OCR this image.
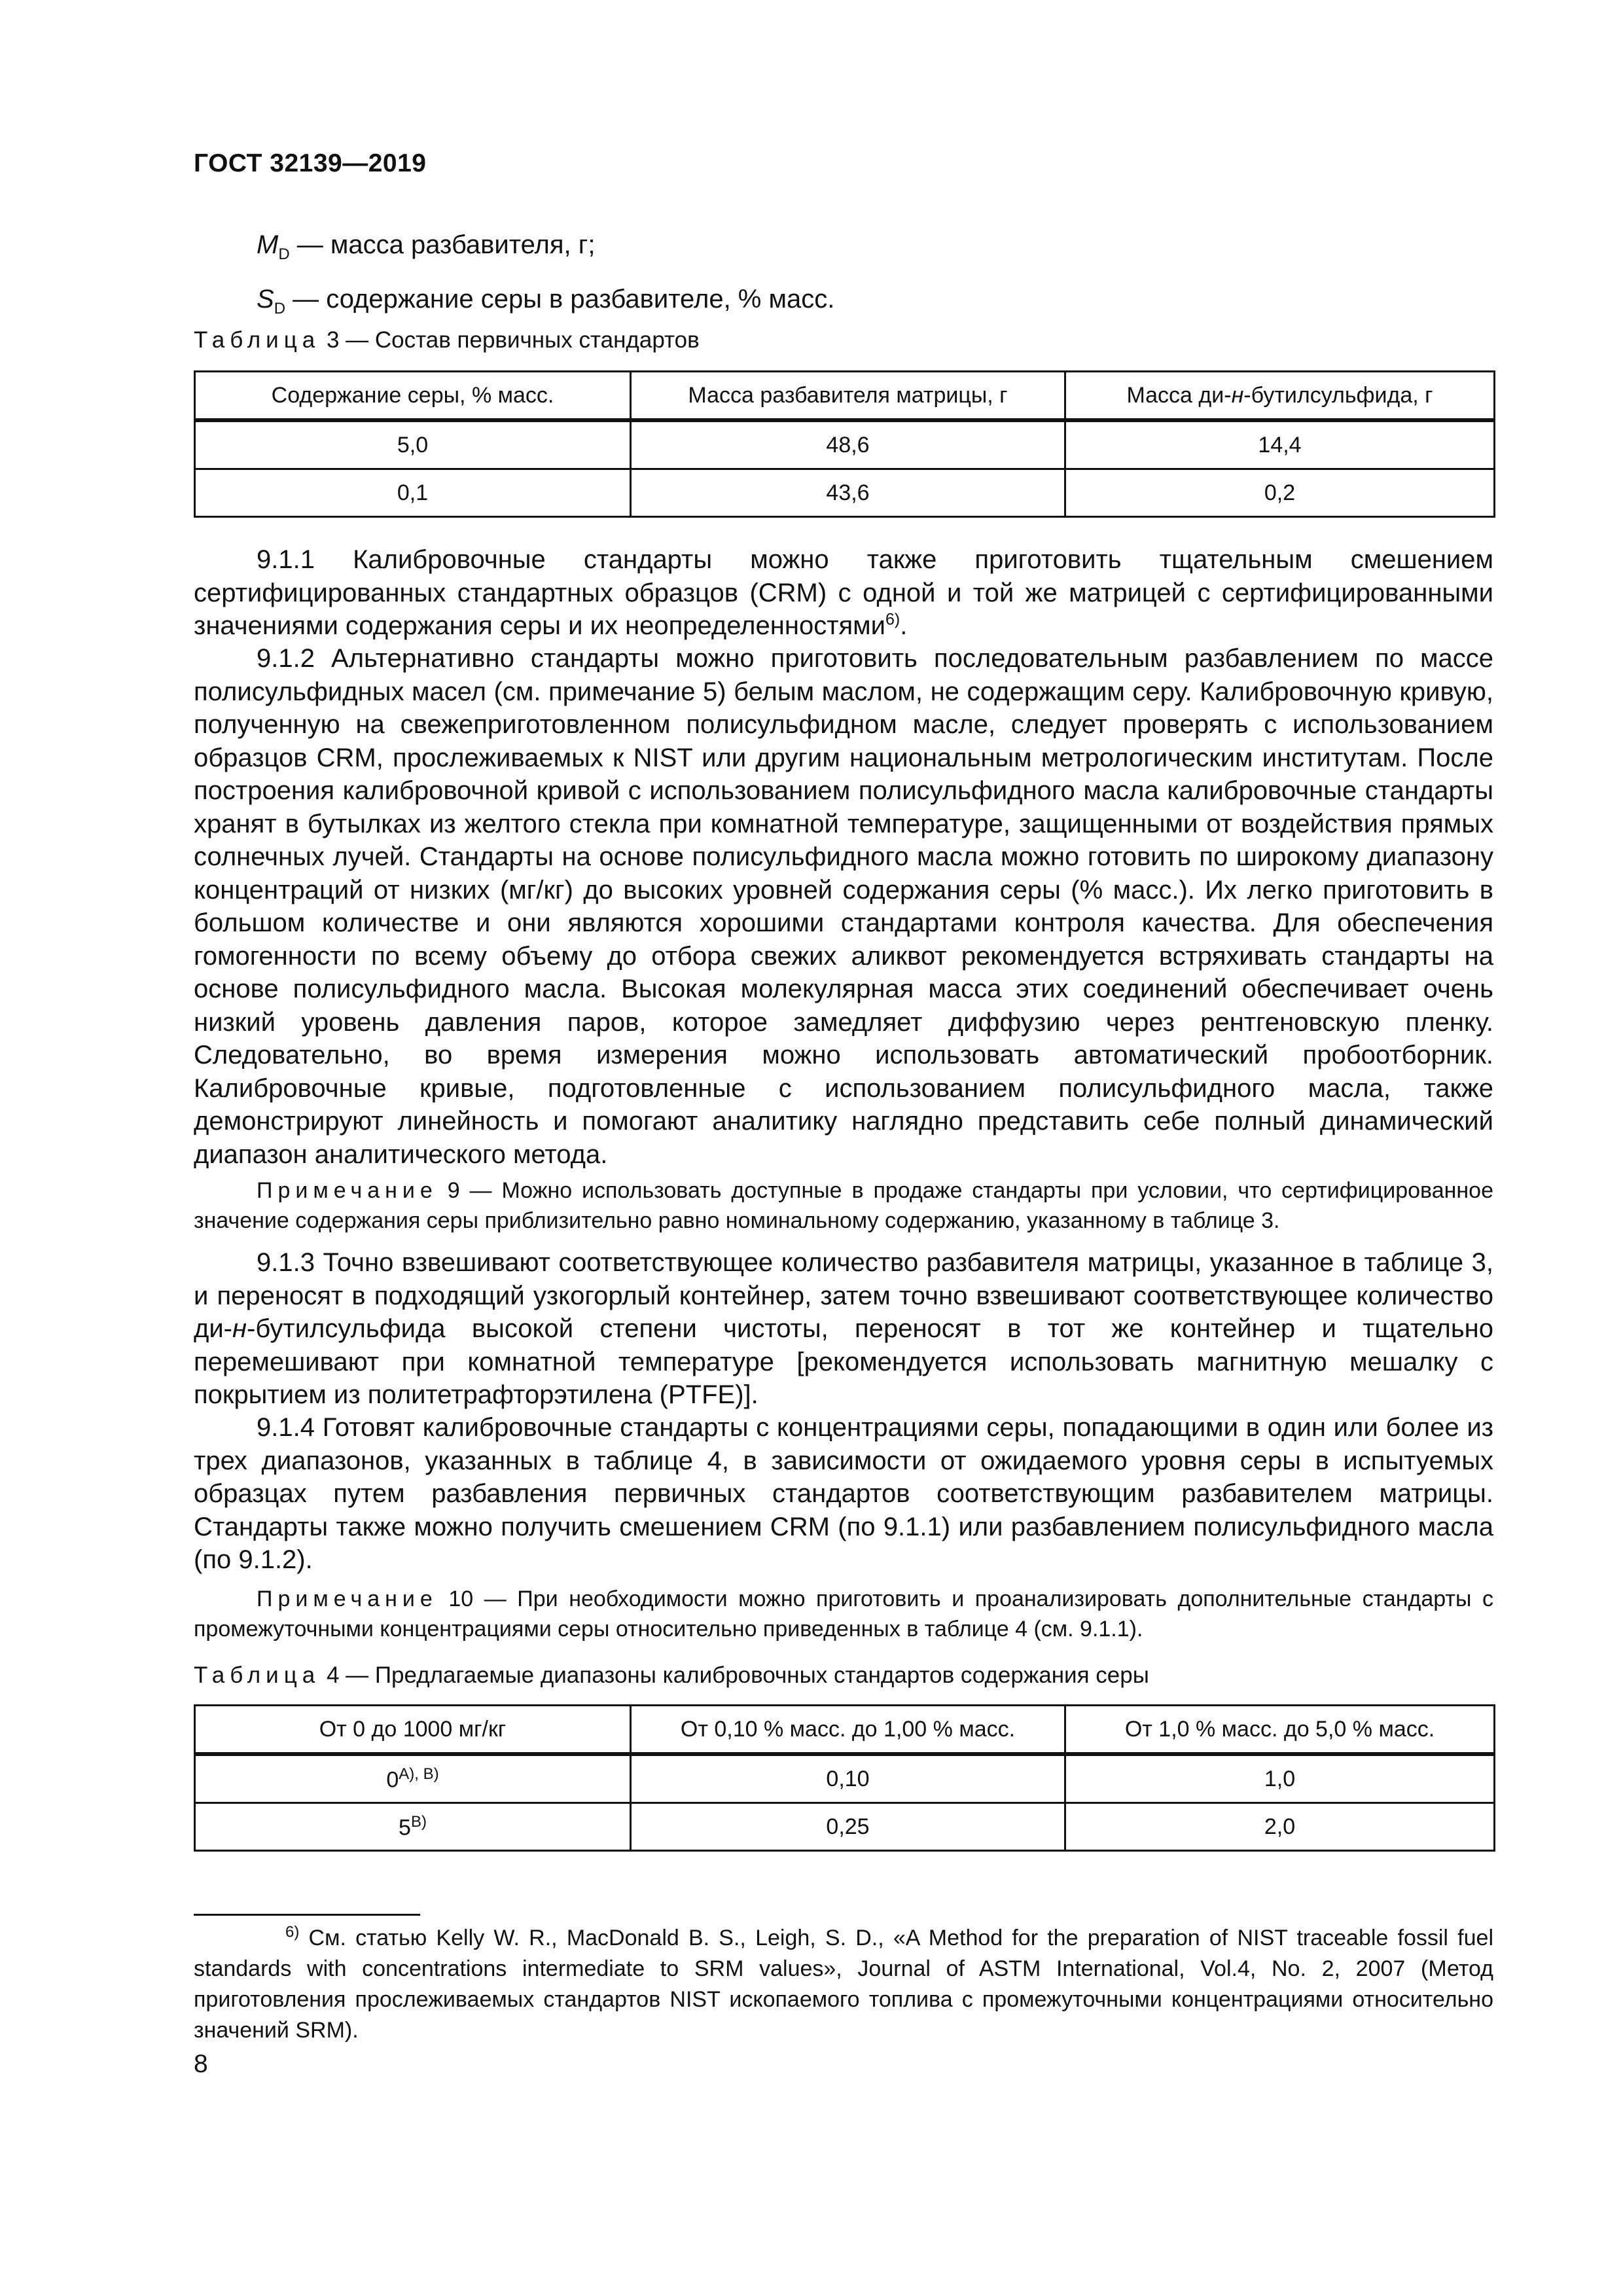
ГОСТ 32139—2019
$M_D$ — масса разбавителя, г;
$S_D$ — содержание серы в разбавителе, % масс.
Таблица 3 — Состав первичных стандартов
Содержание серы, % масс.	Масса разбавителя матрицы, г	Масса ди-н-бутилсульфида, г
5,0	48,6	14,4
0,1	43,6	0,2
9.1.1 Калибровочные стандарты можно также приготовить тщательным смешением сертифицированных стандартных образцов (CRM) с одной и той же матрицей с сертифицированными значениями содержания серы и их неопределенностями$^{6)}$.
9.1.2 Альтернативно стандарты можно приготовить последовательным разбавлением по массе полисульфидных масел (см. примечание 5) белым маслом, не содержащим серу. Калибровочную кривую, полученную на свежеприготовленном полисульфидном масле, следует проверять с использованием образцов CRM, прослеживаемых к NIST или другим национальным метрологическим институтам. После построения калибровочной кривой с использованием полисульфидного масла калибровочные стандарты хранят в бутылках из желтого стекла при комнатной температуре, защищенными от воздействия прямых солнечных лучей. Стандарты на основе полисульфидного масла можно готовить по широкому диапазону концентраций от низких (мг/кг) до высоких уровней содержания серы (% масс.). Их легко приготовить в большом количестве и они являются хорошими стандартами контроля качества. Для обеспечения гомогенности по всему объему до отбора свежих аликвот рекомендуется встряхивать стандарты на основе полисульфидного масла. Высокая молекулярная масса этих соединений обеспечивает очень низкий уровень давления паров, которое замедляет диффузию через рентгеновскую пленку. Следовательно, во время измерения можно использовать автоматический пробоотборник. Калибровочные кривые, подготовленные с использованием полисульфидного масла, также демонстрируют линейность и помогают аналитику наглядно представить себе полный динамический диапазон аналитического метода.
Примечание 9 — Можно использовать доступные в продаже стандарты при условии, что сертифицированное значение содержания серы приблизительно равно номинальному содержанию, указанному в таблице 3.
9.1.3 Точно взвешивают соответствующее количество разбавителя матрицы, указанное в таблице 3, и переносят в подходящий узкогорлый контейнер, затем точно взвешивают соответствующее количество ди-н-бутилсульфида высокой степени чистоты, переносят в тот же контейнер и тщательно перемешивают при комнатной температуре [рекомендуется использовать магнитную мешалку с покрытием из политетрафторэтилена (PTFE)].
9.1.4 Готовят калибровочные стандарты с концентрациями серы, попадающими в один или более из трех диапазонов, указанных в таблице 4, в зависимости от ожидаемого уровня серы в испытуемых образцах путем разбавления первичных стандартов соответствующим разбавителем матрицы. Стандарты также можно получить смешением CRM (по 9.1.1) или разбавлением полисульфидного масла (по 9.1.2).
Примечание 10 — При необходимости можно приготовить и проанализировать дополнительные стандарты с промежуточными концентрациями серы относительно приведенных в таблице 4 (см. 9.1.1).
Таблица 4 — Предлагаемые диапазоны калибровочных стандартов содержания серы
От 0 до 1000 мг/кг	От 0,10 % масс. до 1,00 % масс.	От 1,0 % масс. до 5,0 % масс.
$0^{A), B)}$	0,10	1,0
$5^{B)}$	0,25	2,0
$^{6)}$ См. статью Kelly W. R., MacDonald B. S., Leigh, S. D., «A Method for the preparation of NIST traceable fossil fuel standards with concentrations intermediate to SRM values», Journal of ASTM International, Vol.4, No. 2, 2007 (Метод приготовления прослеживаемых стандартов NIST ископаемого топлива с промежуточными концентрациями относительно значений SRM).
8
